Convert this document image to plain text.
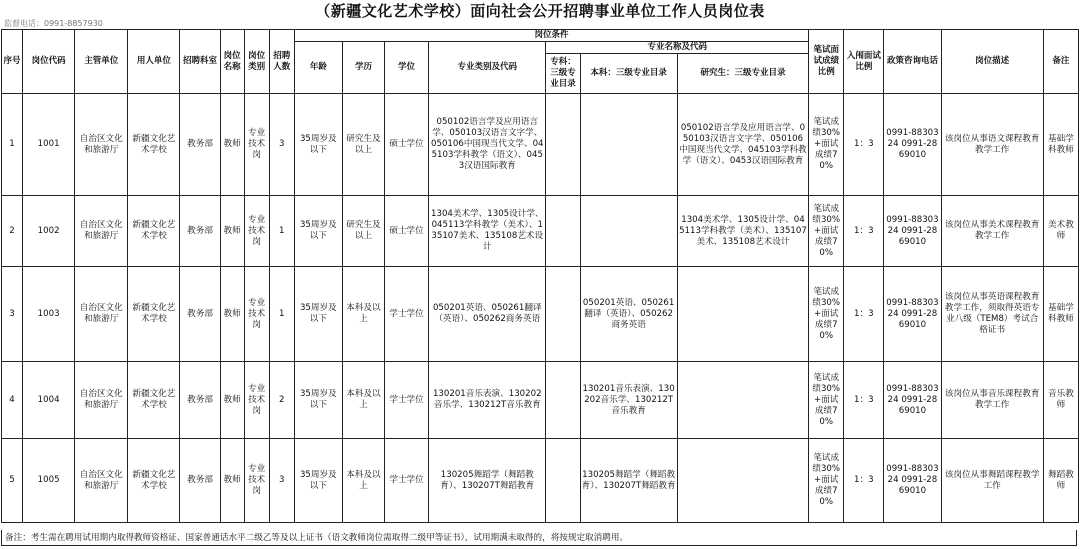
（新疆文化艺术学校）面向社会公开招聘事业单位工作人员岗位表
监督电话：0991-8857930
序号	岗位代码	主管单位	用人单位	招聘科室	岗位名称	岗位类别	招聘人数	岗位条件							笔试面试成绩比例	入闱面试比例	政策咨询电话	岗位描述	备注
								年龄	学历	学位	专业类别及代码	专业名称及代码							
												专科：三级专业目录	本科：三级专业目录	研究生：三级专业目录					
1	1001	自治区文化和旅游厅	新疆文化艺术学校	教务部	教师	专业技术岗	3	35周岁及以下	研究生及以上	硕士学位	050102语言学及应用语言学、050103汉语言文字学、050106中国现当代文学、045103学科教学（语文）、0453汉语国际教育			050102语言学及应用语言学、050103汉语言文字学、050106中国现当代文学、045103学科教学（语文）、0453汉语国际教育	笔试成绩30%+面试成绩70%	1：3	0991-8830324 0991-2869010	该岗位从事语文课程教育教学工作	基础学科教师
2	1002	自治区文化和旅游厅	新疆文化艺术学校	教务部	教师	专业技术岗	1	35周岁及以下	研究生及以上	硕士学位	1304美术学、1305设计学、045113学科教学（美术）、135107美术、135108艺术设计			1304美术学、1305设计学、045113学科教学（美术）、135107美术、135108艺术设计	笔试成绩30%+面试成绩70%	1：3	0991-8830324 0991-2869010	该岗位从事美术课程教育教学工作	美术教师
3	1003	自治区文化和旅游厅	新疆文化艺术学校	教务部	教师	专业技术岗	1	35周岁及以下	本科及以上	学士学位	050201英语、050261翻译（英语）、050262商务英语		050201英语、050261翻译（英语）、050262商务英语		笔试成绩30%+面试成绩70%	1：3	0991-8830324 0991-2869010	该岗位从事英语课程教育教学工作，须取得英语专业八级（TEM8）考试合格证书	基础学科教师
4	1004	自治区文化和旅游厅	新疆文化艺术学校	教务部	教师	专业技术岗	2	35周岁及以下	本科及以上	学士学位	130201音乐表演、130202音乐学、130212T音乐教育		130201音乐表演、130202音乐学、130212T音乐教育		笔试成绩30%+面试成绩70%	1：3	0991-8830324 0991-2869010	该岗位从事音乐课程教育教学工作	音乐教师
5	1005	自治区文化和旅游厅	新疆文化艺术学校	教务部	教师	专业技术岗	3	35周岁及以下	本科及以上	学士学位	130205舞蹈学（舞蹈教育）、130207T舞蹈教育		130205舞蹈学（舞蹈教育）、130207T舞蹈教育		笔试成绩30%+面试成绩70%	1：3	0991-8830324 0991-2869010	该岗位从事舞蹈课程教学工作	舞蹈教师
备注：考生需在聘用试用期内取得教师资格证、国家普通话水平二级乙等及以上证书（语文教师岗位需取得二级甲等证书），试用期满未取得的，将按规定取消聘用。
